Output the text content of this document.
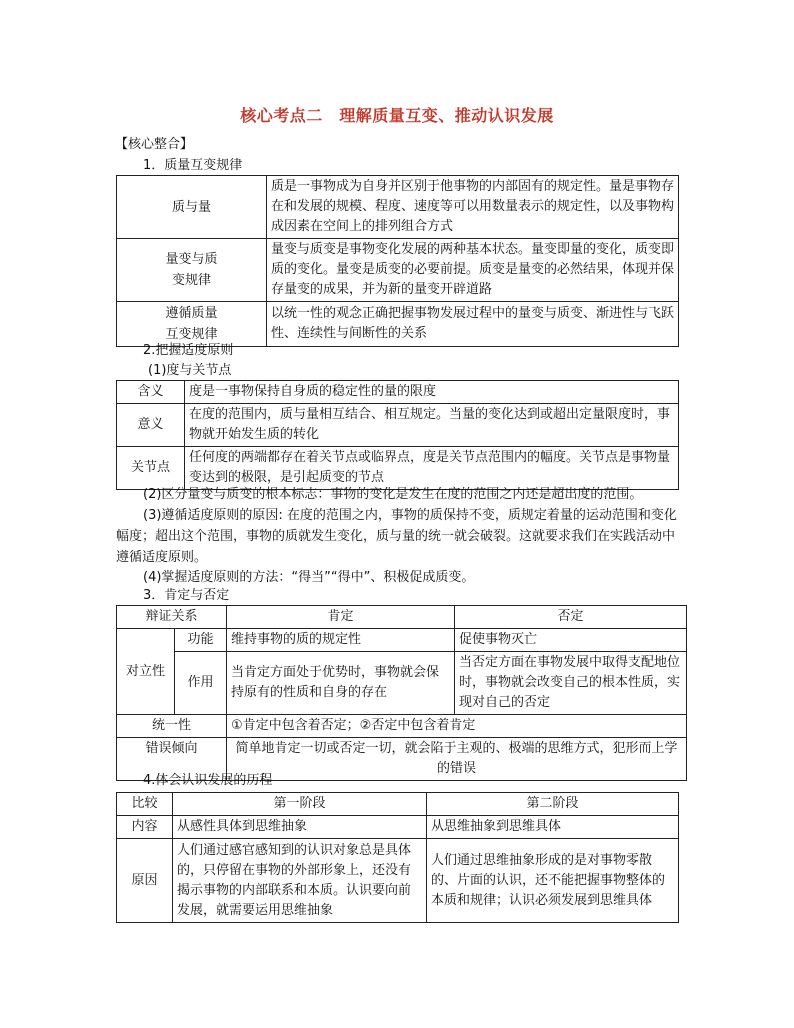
核心考点二　理解质量互变、推动认识发展
【核心整合】
1．质量互变规律
质与量	质是一事物成为自身并区别于他事物的内部固有的规定性。量是事物存在和发展的规模、程度、速度等可以用数量表示的规定性，以及事物构成因素在空间上的排列组合方式
量变与质
变规律	量变与质变是事物变化发展的两种基本状态。量变即量的变化，质变即质的变化。量变是质变的必要前提。质变是量变的必然结果，体现并保存量变的成果，并为新的量变开辟道路
遵循质量
互变规律	以统一性的观念正确把握事物发展过程中的量变与质变、渐进性与飞跃性、连续性与间断性的关系
2.把握适度原则
(1)度与关节点
含义	度是一事物保持自身质的稳定性的量的限度
意义	在度的范围内，质与量相互结合、相互规定。当量的变化达到或超出定量限度时，事物就开始发生质的转化
关节点	任何度的两端都存在着关节点或临界点，度是关节点范围内的幅度。关节点是事物量变达到的极限，是引起质变的节点
(2)区分量变与质变的根本标志：事物的变化是发生在度的范围之内还是超出度的范围。
(3)遵循适度原则的原因: 在度的范围之内，事物的质保持不变，质规定着量的运动范围和变化幅度；超出这个范围，事物的质就发生变化，质与量的统一就会破裂。这就要求我们在实践活动中遵循适度原则。
(4)掌握适度原则的方法：“得当”“得中”、积极促成质变。
3．肯定与否定
辩证关系		肯定	否定
对立性	功能	维持事物的质的规定性	促使事物灭亡
	作用	当肯定方面处于优势时，事物就会保持原有的性质和自身的存在	当否定方面在事物发展中取得支配地位时，事物就会改变自己的根本性质，实现对自己的否定
统一性		①肯定中包含着否定；②否定中包含着肯定	
错误倾向		简单地肯定一切或否定一切，就会陷于主观的、极端的思维方式，犯形而上学的错误	
4.体会认识发展的历程
比较	第一阶段	第二阶段
内容	从感性具体到思维抽象	从思维抽象到思维具体
原因	人们通过感官感知到的认识对象总是具体的，只停留在事物的外部形象上，还没有揭示事物的内部联系和本质。认识要向前发展，就需要运用思维抽象	人们通过思维抽象形成的是对事物零散的、片面的认识，还不能把握事物整体的本质和规律；认识必须发展到思维具体
